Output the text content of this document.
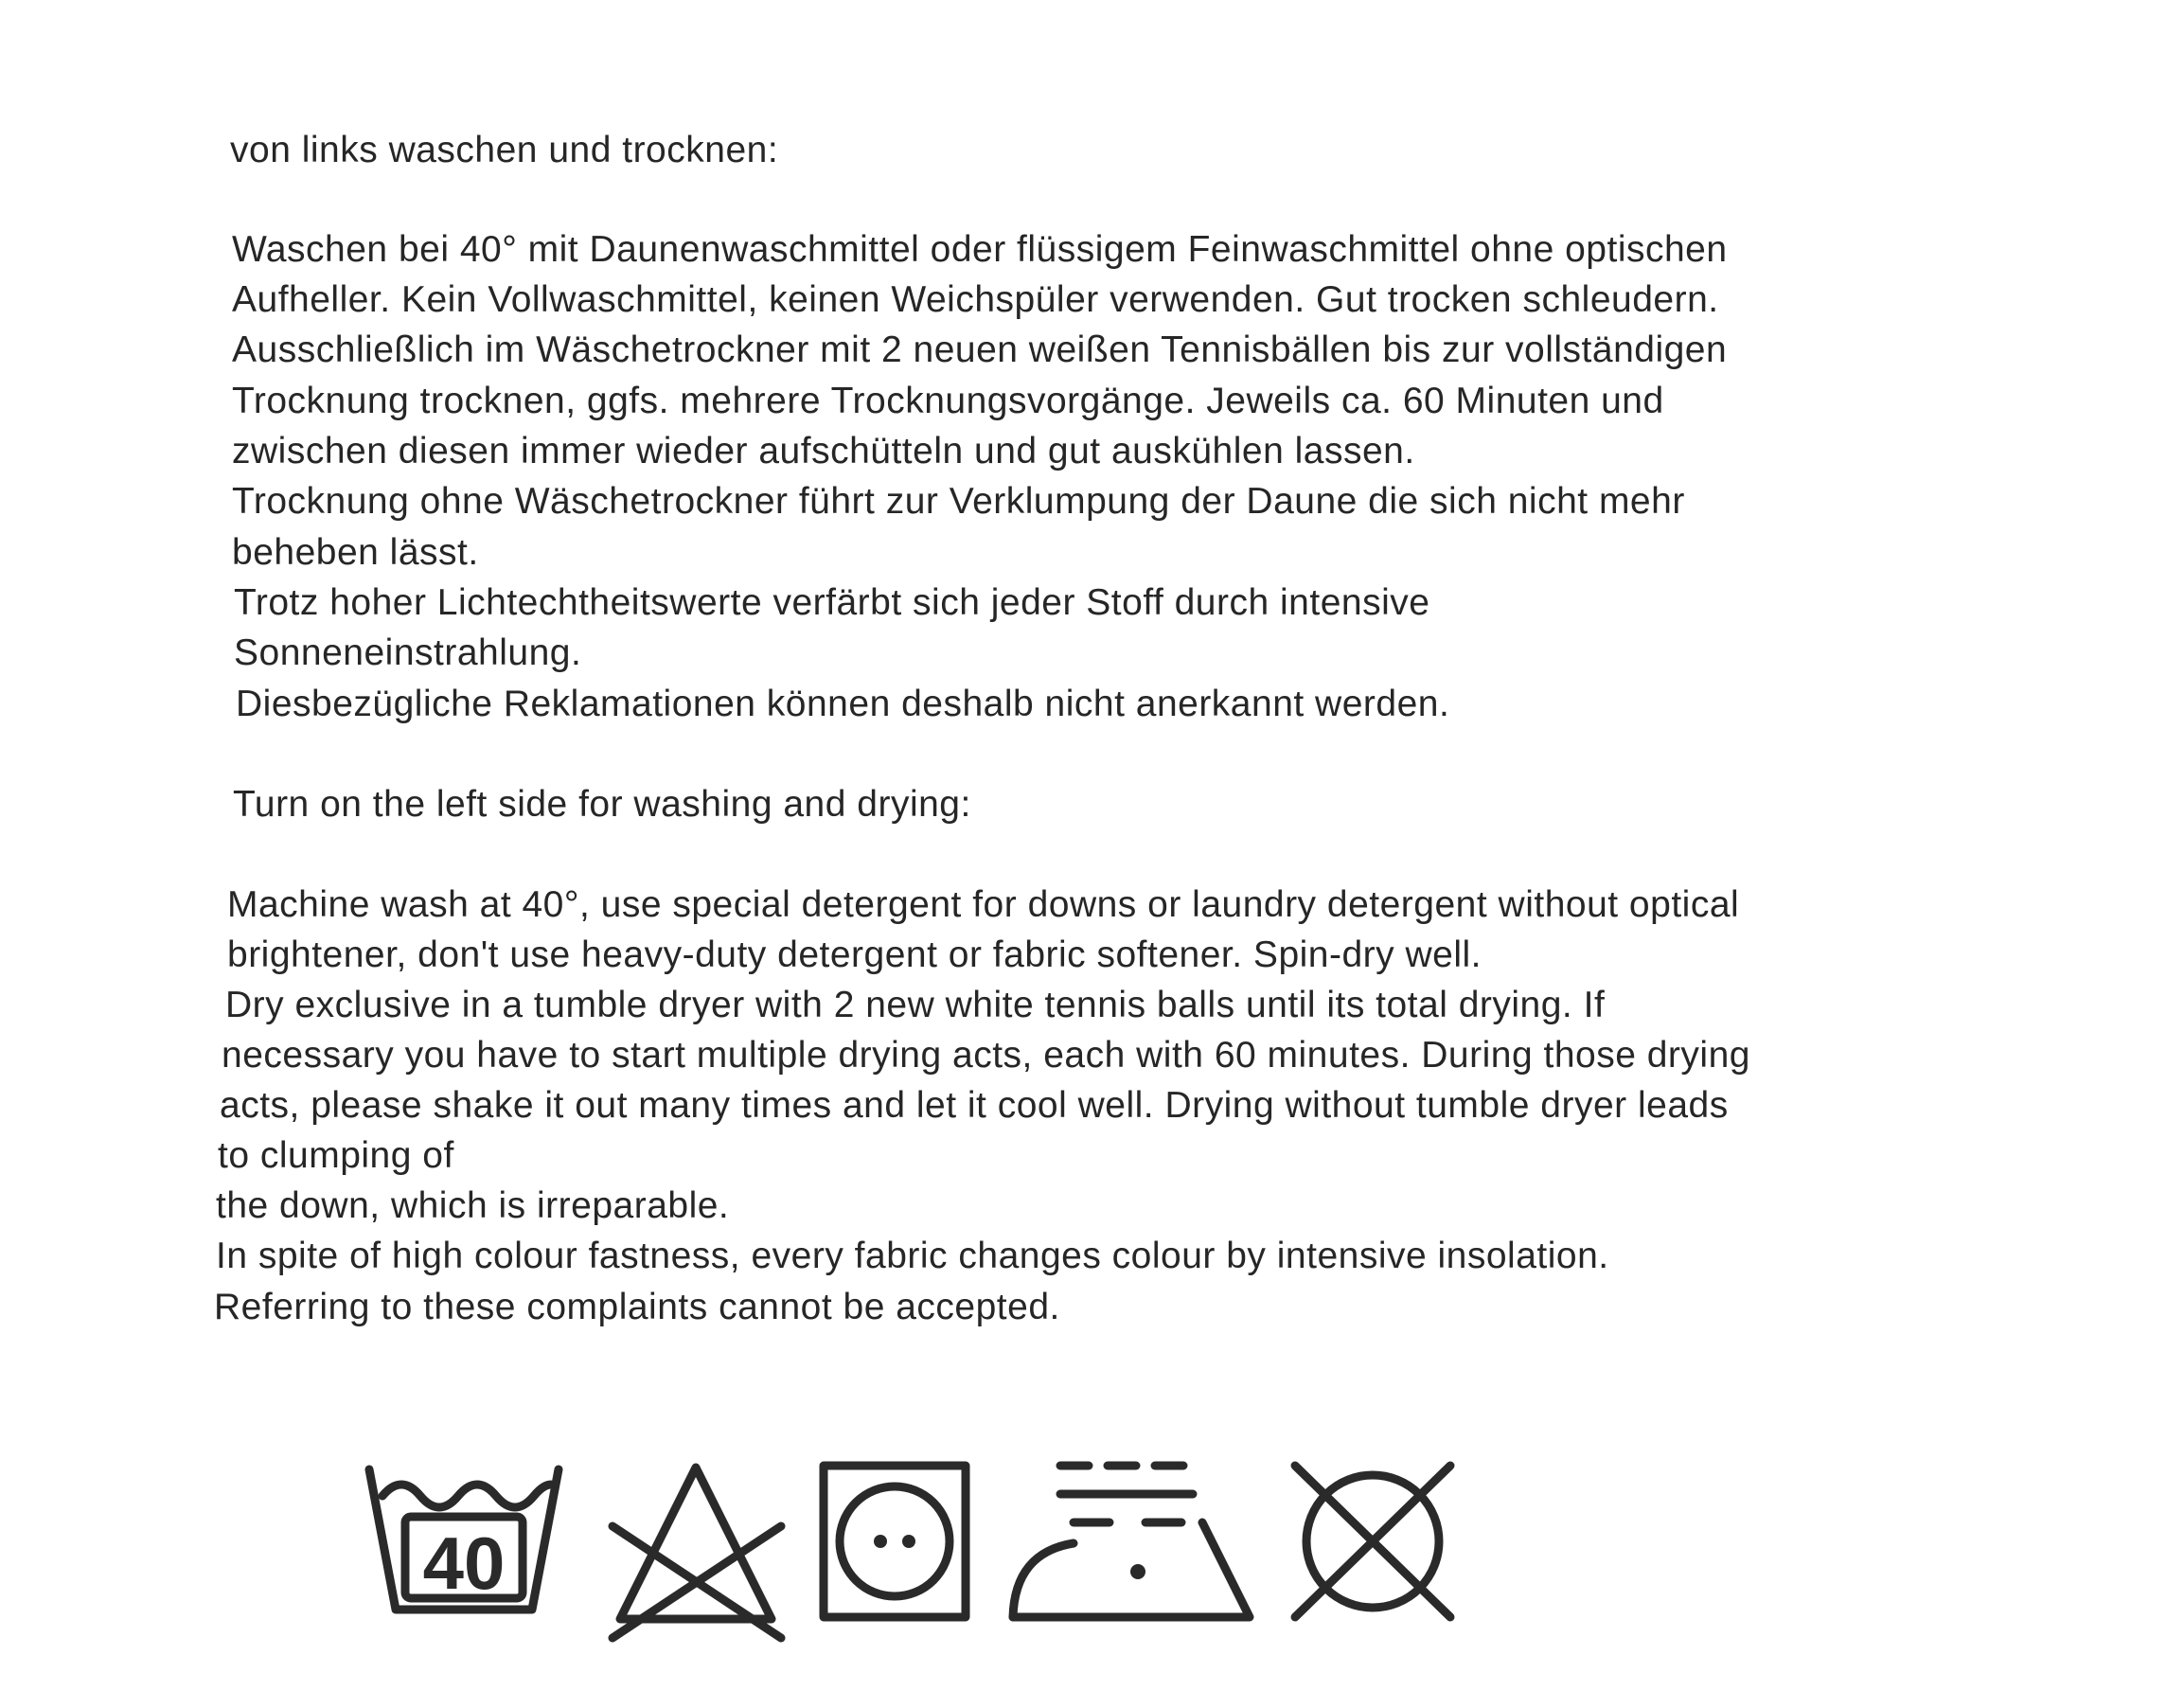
von links waschen und trocknen:
Waschen bei 40° mit Daunenwaschmittel oder flüssigem Feinwaschmittel ohne optischen
Aufheller. Kein Vollwaschmittel, keinen Weichspüler verwenden. Gut trocken schleudern.
Ausschließlich im Wäschetrockner mit 2 neuen weißen Tennisbällen bis zur vollständigen
Trocknung trocknen, ggfs. mehrere Trocknungsvorgänge. Jeweils ca. 60 Minuten und
zwischen diesen immer wieder aufschütteln und gut auskühlen lassen.
Trocknung ohne Wäschetrockner führt zur Verklumpung der Daune die sich nicht mehr
beheben lässt.
Trotz hoher Lichtechtheitswerte verfärbt sich jeder Stoff durch intensive
Sonneneinstrahlung.
Diesbezügliche Reklamationen können deshalb nicht anerkannt werden.
Turn on the left side for washing and drying:
Machine wash at 40°, use special detergent for downs or laundry detergent without optical
brightener, don't use heavy-duty detergent or fabric softener. Spin-dry well.
Dry exclusive in a tumble dryer with 2 new white tennis balls until its total drying. If
necessary you have to start multiple drying acts, each with 60 minutes. During those drying
acts, please shake it out many times and let it cool well. Drying without tumble dryer leads
to clumping of
the down, which is irreparable.
In spite of high colour fastness, every fabric changes colour by intensive insolation.
Referring to these complaints cannot be accepted.
40
